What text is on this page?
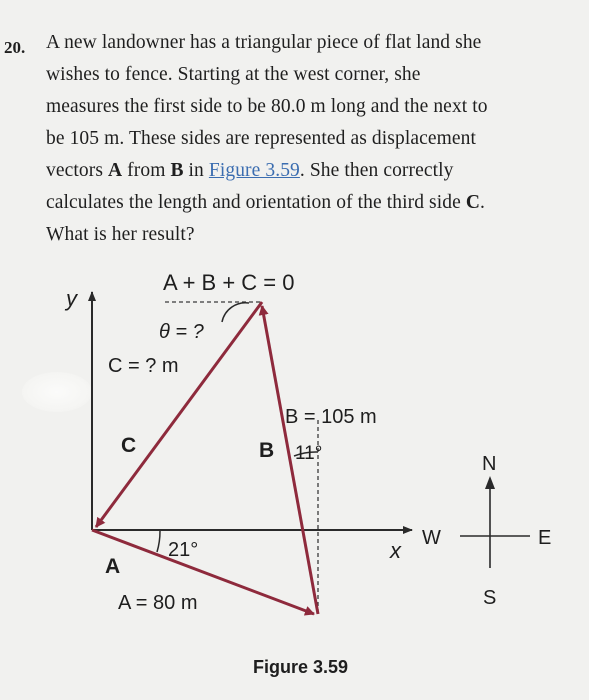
20. A new landowner has a triangular piece of flat land she
wishes to fence. Starting at the west corner, she
measures the first side to be 80.0 m long and the next to
be 105 m. These sides are represented as displacement
vectors A from B in Figure 3.59. She then correctly
calculates the length and orientation of the third side C.
What is her result?
A + B + C = 0
y
θ = ?
C = ? m
C
B = 105 m
B 11°
21°
A
A = 80 m
x
N
W	E
S
Figure 3.59
